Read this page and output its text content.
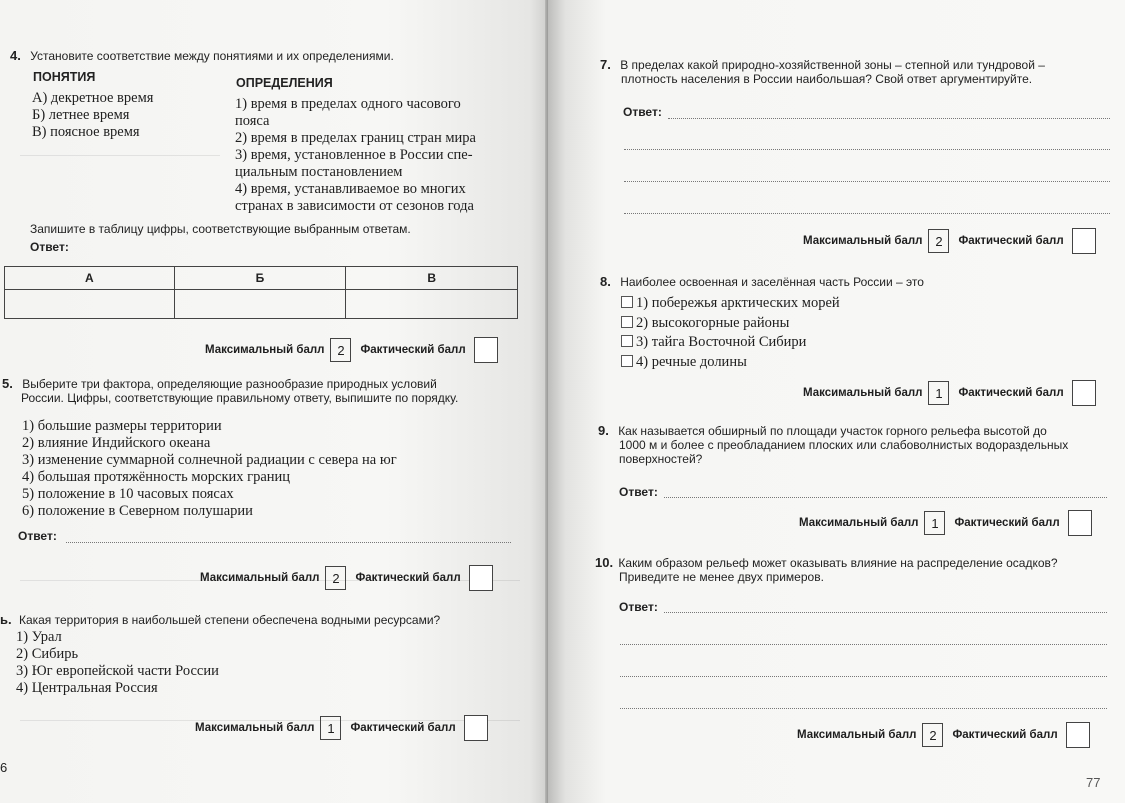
4. Установите соответствие между понятиями и их определениями.
ПОНЯТИЯ	ОПРЕДЕЛЕНИЯ
А) декретное время
Б) летнее время
В) поясное время
1) время в пределах одного часового
пояса
2) время в пределах границ стран мира
3) время, установленное в России спе-
циальным постановлением
4) время, устанавливаемое во многих
странах в зависимости от сезонов года
Запишите в таблицу цифры, соответствующие выбранным ответам.
Ответ:
А	Б	В

Максимальный балл 2	Фактический балл
5. Выберите три фактора, определяющие разнообразие природных условий
России. Цифры, соответствующие правильному ответу, выпишите по порядку.
1) большие размеры территории
2) влияние Индийского океана
3) изменение суммарной солнечной радиации с севера на юг
4) большая протяжённость морских границ
5) положение в 10 часовых поясах
6) положение в Северном полушарии
Ответ:
Максимальный балл 2	Фактический балл
ь. Какая территория в наибольшей степени обеспечена водными ресурсами?
1) Урал
2) Сибирь
3) Юг европейской части России
4) Центральная Россия
Максимальный балл 1	Фактический балл
6
7. В пределах какой природно-хозяйственной зоны – степной или тундровой –
плотность населения в России наибольшая? Свой ответ аргументируйте.
Ответ:
Максимальный балл 2	Фактический балл
8. Наиболее освоенная и заселённая часть России – это
1) побережья арктических морей
2) высокогорные районы
3) тайга Восточной Сибири
4) речные долины
Максимальный балл 1	Фактический балл
9. Как называется обширный по площади участок горного рельефа высотой до
1000 м и более с преобладанием плоских или слабоволнистых водораздельных
поверхностей?
Ответ:
Максимальный балл 1	Фактический балл
10. Каким образом рельеф может оказывать влияние на распределение осадков?
Приведите не менее двух примеров.
Ответ:
Максимальный балл 2	Фактический балл
77
